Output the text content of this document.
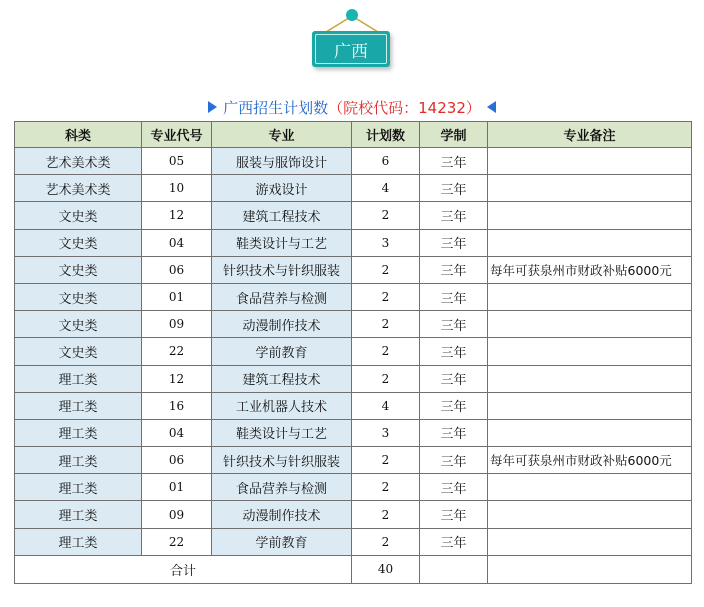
广西
广西招生计划数 （院校代码：14232）
科类	专业代号	专业	计划数	学制	专业备注
艺术美术类	05	服装与服饰设计	6	三年	
艺术美术类	10	游戏设计	4	三年	
文史类	12	建筑工程技术	2	三年	
文史类	04	鞋类设计与工艺	3	三年	
文史类	06	针织技术与针织服装	2	三年	每年可获泉州市财政补贴6000元
文史类	01	食品营养与检测	2	三年	
文史类	09	动漫制作技术	2	三年	
文史类	22	学前教育	2	三年	
理工类	12	建筑工程技术	2	三年	
理工类	16	工业机器人技术	4	三年	
理工类	04	鞋类设计与工艺	3	三年	
理工类	06	针织技术与针织服装	2	三年	每年可获泉州市财政补贴6000元
理工类	01	食品营养与检测	2	三年	
理工类	09	动漫制作技术	2	三年	
理工类	22	学前教育	2	三年	
合计			40		
